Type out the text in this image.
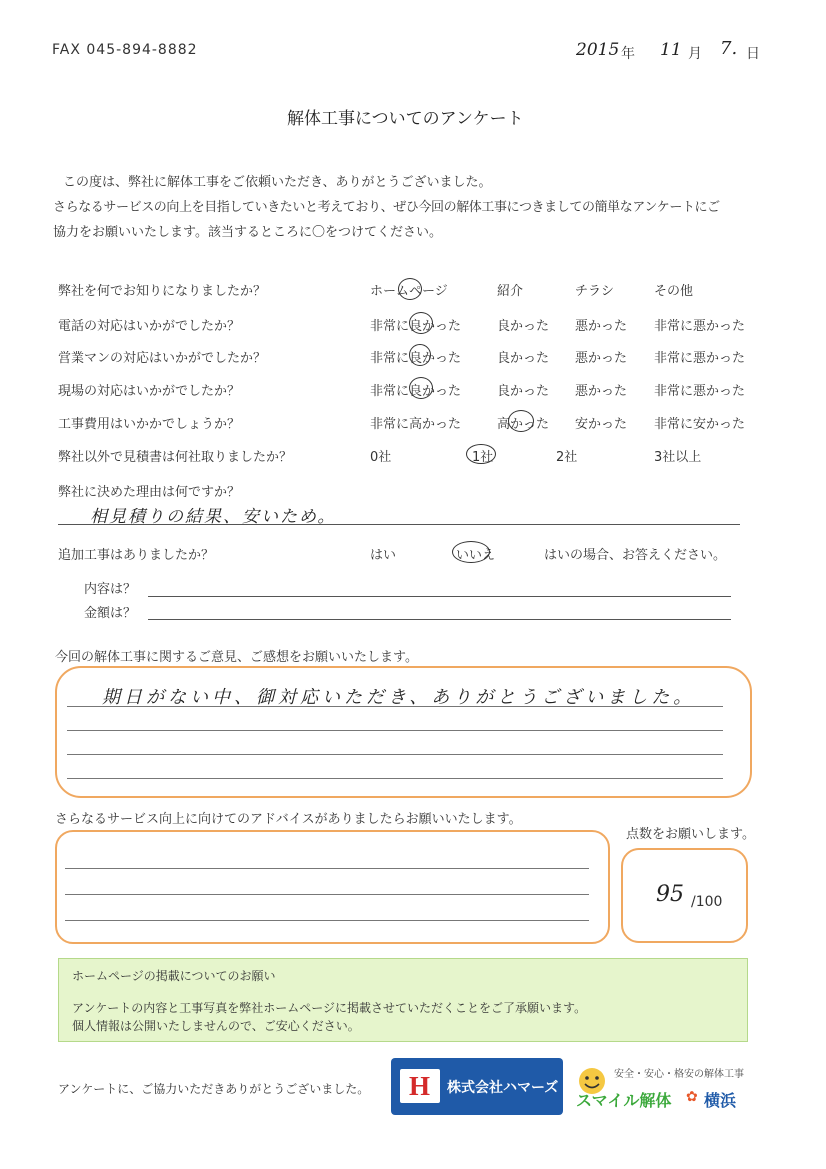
FAX 045-894-8882	2015 年 11 月 7. 日
解体工事についてのアンケート
この度は、弊社に解体工事をご依頼いただき、ありがとうございました。
さらなるサービスの向上を目指していきたいと考えており、ぜひ今回の解体工事につきましての簡単なアンケートにご
協力をお願いいたします。該当するところに〇をつけてください。
弊社を何でお知りになりましたか？	ホームページ	紹介	チラシ	その他
電話の対応はいかがでしたか？	非常に良かった	良かった 悪かった 非常に悪かった
営業マンの対応はいかがでしたか？	非常に良かった	良かった 悪かった 非常に悪かった
現場の対応はいかがでしたか？	非常に良かった	良かった 悪かった 非常に悪かった
工事費用はいかかでしょうか？	非常に高かった	高かった 安かった 非常に安かった
弊社以外で見積書は何社取りましたか？	0社	1社	2社	3社以上
弊社に決めた理由は何ですか？
相見積りの結果、安いため。
追加工事はありましたか？	はい	いいえ	はいの場合、お答えください。
内容は？
金額は？
今回の解体工事に関するご意見、ご感想をお願いいたします。
期日がない中、御対応いただき、ありがとうございました。
さらなるサービス向上に向けてのアドバイスがありましたらお願いいたします。
点数をお願いします。
95 /100
ホームページの掲載についてのお願い
アンケートの内容と工事写真を弊社ホームページに掲載させていただくことをご了承願います。
個人情報は公開いたしませんので、ご安心ください。
アンケートに、ご協力いただきありがとうございました。 H 株式会社ハマーズ
安全・安心・格安の解体工事
スマイル解体 ✿ 横浜
